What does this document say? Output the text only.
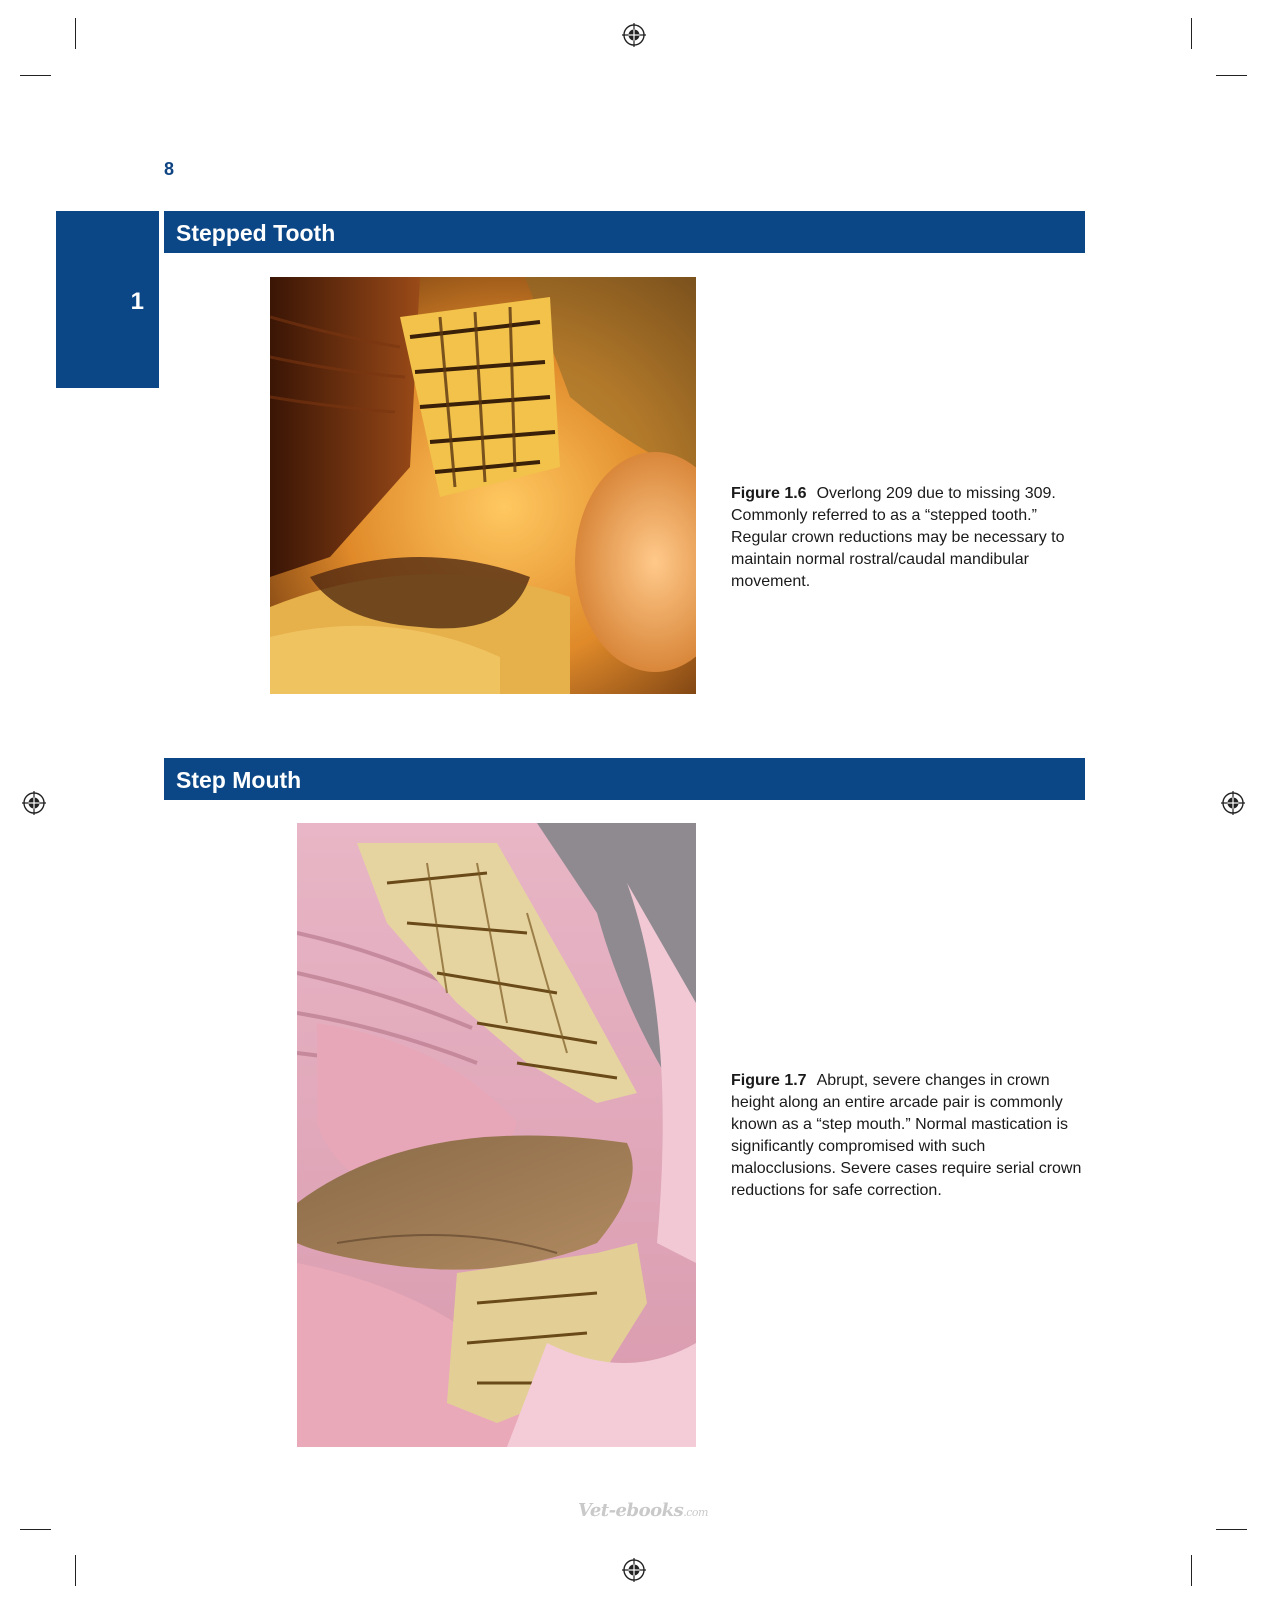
8
1
Stepped Tooth
Figure 1.6 Overlong 209 due to missing 309. Commonly referred to as a “stepped tooth.” Regular crown reductions may be necessary to maintain normal rostral/caudal mandibular movement.
Step Mouth
Figure 1.7 Abrupt, severe changes in crown height along an entire arcade pair is commonly known as a “step mouth.” Normal mastication is significantly compromised with such malocclusions. Severe cases require serial crown reductions for safe correction.
Vet-ebooks.com
